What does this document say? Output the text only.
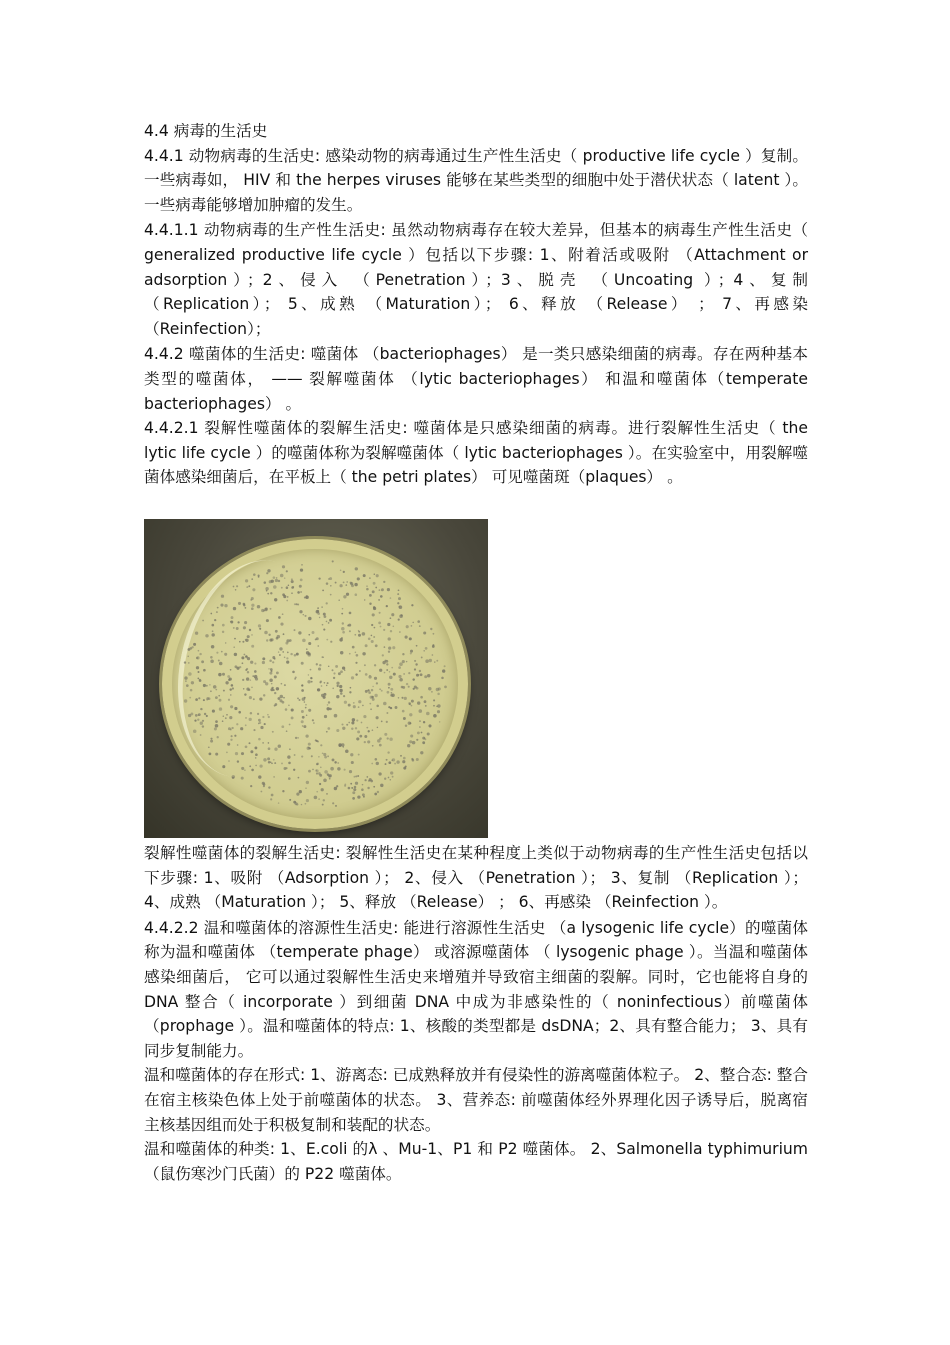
4.4 病毒的生活史

4.4.1 动物病毒的生活史: 感染动物的病毒通过生产性生活史（ productive life cycle ）复制。一些病毒如， HIV 和 the herpes viruses 能够在某些类型的细胞中处于潜伏状态（ latent ）。一些病毒能够增加肿瘤的发生。

4.4.1.1 动物病毒的生产性生活史: 虽然动物病毒存在较大差异，但基本的病毒生产性生活史（ generalized productive life cycle ）包括以下步骤: 1、附着活或吸附 （Attachment or adsorption）；2、侵入 （Penetration）；3、脱壳 （Uncoating ）；4、复制 （Replication）； 5、成熟 （Maturation）； 6、释放 （Release） ； 7、再感染 （Reinfection）；

4.4.2 噬菌体的生活史: 噬菌体 （bacteriophages） 是一类只感染细菌的病毒。存在两种基本类型的噬菌体， —— 裂解噬菌体 （lytic bacteriophages） 和温和噬菌体（temperate bacteriophages） 。

4.4.2.1 裂解性噬菌体的裂解生活史: 噬菌体是只感染细菌的病毒。进行裂解性生活史（ the lytic life cycle ）的噬菌体称为裂解噬菌体（ lytic bacteriophages ）。在实验室中，用裂解噬菌体感染细菌后，在平板上（ the petri plates） 可见噬菌斑（plaques） 。

裂解性噬菌体的裂解生活史: 裂解性生活史在某种程度上类似于动物病毒的生产性生活史包括以下步骤: 1、吸附 （Adsorption ）； 2、侵入 （Penetration ）； 3、复制 （Replication ）； 4、成熟 （Maturation ）； 5、释放 （Release） ； 6、再感染 （Reinfection ）。

4.4.2.2 温和噬菌体的溶源性生活史: 能进行溶源性生活史 （a lysogenic life cycle）的噬菌体称为温和噬菌体 （temperate phage） 或溶源噬菌体 （ lysogenic phage ）。当温和噬菌体感染细菌后， 它可以通过裂解性生活史来增殖并导致宿主细菌的裂解。同时，它也能将自身的 DNA 整合（ incorporate ）到细菌 DNA 中成为非感染性的（ noninfectious）前噬菌体 （prophage ）。温和噬菌体的特点: 1、核酸的类型都是 dsDNA；2、具有整合能力； 3、具有同步复制能力。

温和噬菌体的存在形式: 1、游离态: 已成熟释放并有侵染性的游离噬菌体粒子。 2、整合态: 整合在宿主核染色体上处于前噬菌体的状态。 3、营养态: 前噬菌体经外界理化因子诱导后，脱离宿主核基因组而处于积极复制和装配的状态。

温和噬菌体的种类: 1、E.coli 的λ 、Mu-1、P1 和 P2 噬菌体。 2、Salmonella typhimurium（鼠伤寒沙门氏菌）的 P22 噬菌体。
